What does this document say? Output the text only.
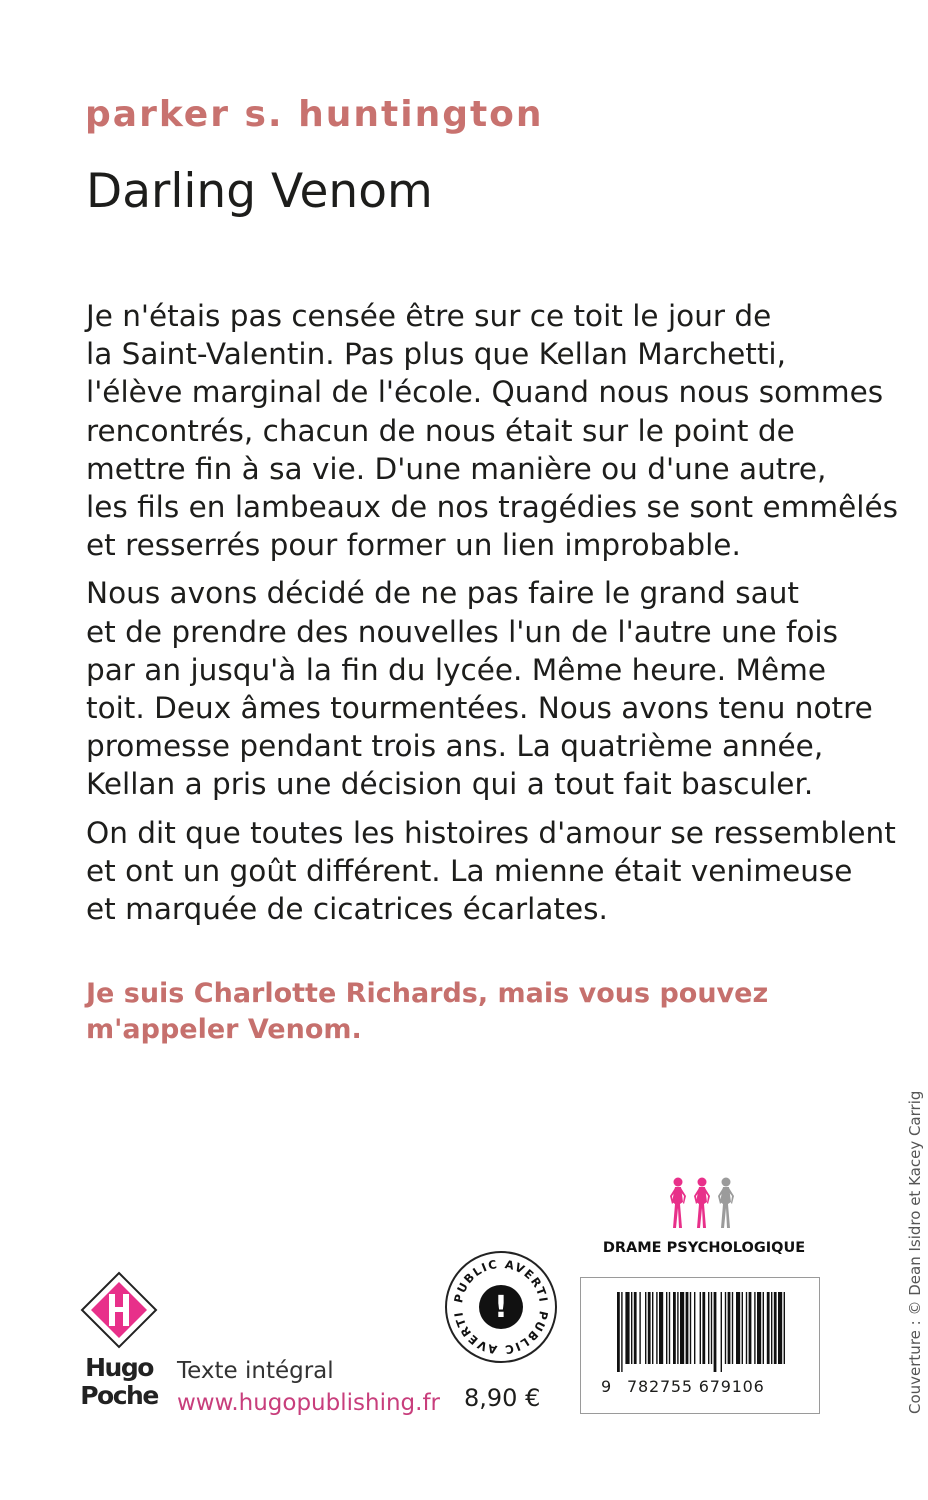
parker s. huntington
Darling Venom

Je n'étais pas censée être sur ce toit le jour de
la Saint-Valentin. Pas plus que Kellan Marchetti,
l'élève marginal de l'école. Quand nous nous sommes
rencontrés, chacun de nous était sur le point de
mettre fin à sa vie. D'une manière ou d'une autre,
les fils en lambeaux de nos tragédies se sont emmêlés
et resserrés pour former un lien improbable.

Nous avons décidé de ne pas faire le grand saut
et de prendre des nouvelles l'un de l'autre une fois
par an jusqu'à la fin du lycée. Même heure. Même
toit. Deux âmes tourmentées. Nous avons tenu notre
promesse pendant trois ans. La quatrième année,
Kellan a pris une décision qui a tout fait basculer.

On dit que toutes les histoires d'amour se ressemblent
et ont un goût différent. La mienne était venimeuse
et marquée de cicatrices écarlates.

Je suis Charlotte Richards, mais vous pouvez
m'appeler Venom.
Couverture : © Dean Isidro et Kacey Carrig
DRAME PSYCHOLOGIQUE
Hugo
Poche
Texte intégral
www.hugopublishing.fr
PUBLIC AVERTI
PUBLIC AVERTI !
8,90 €	9 782755 679106
